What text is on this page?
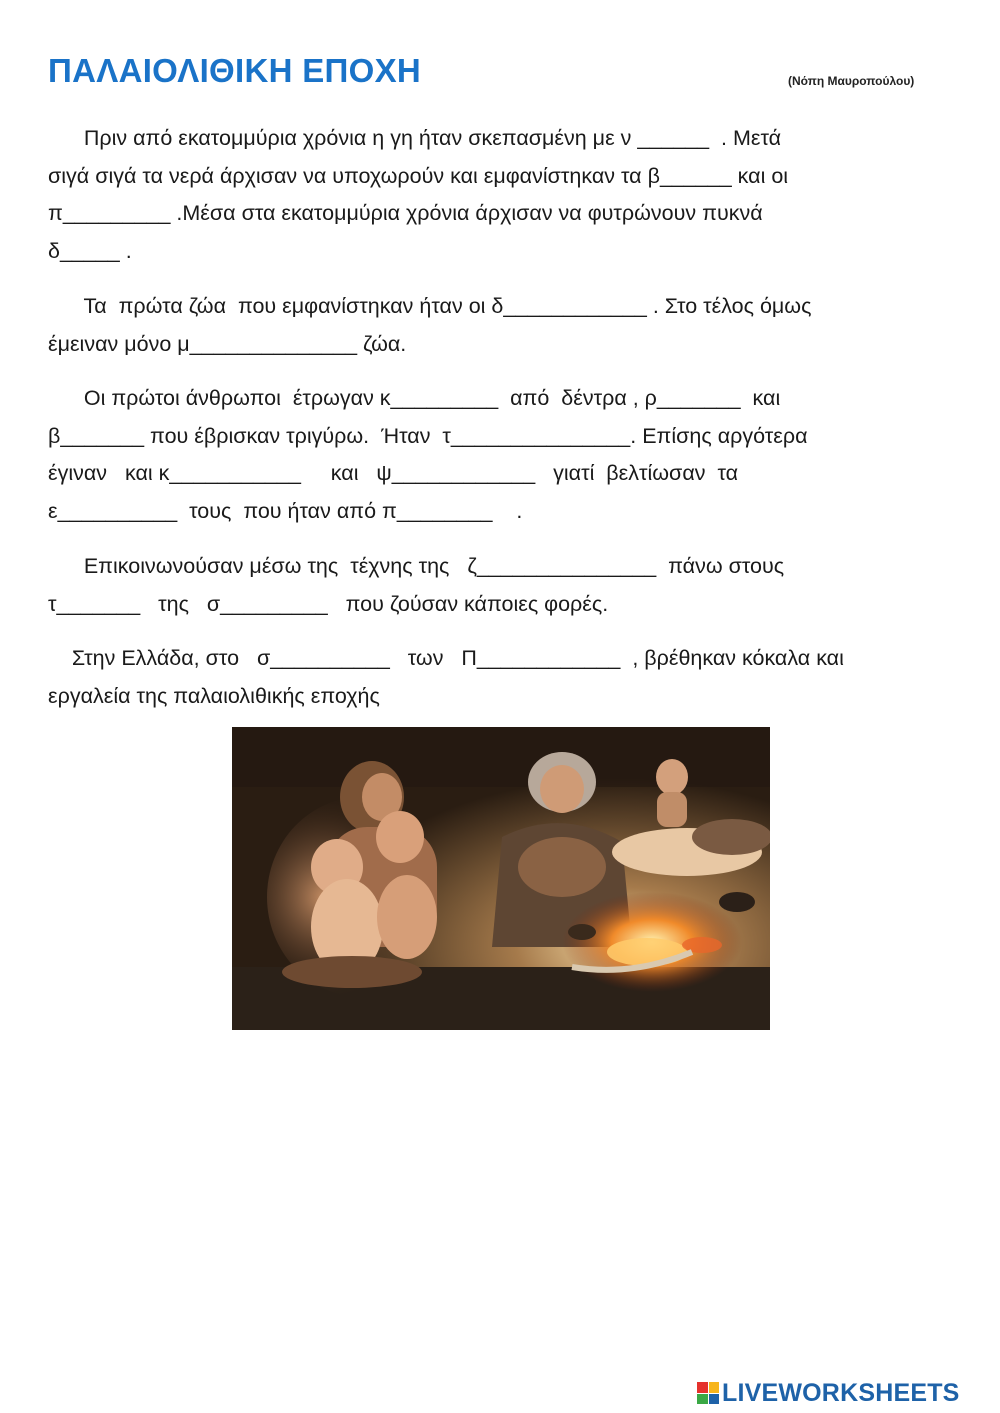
ΠΑΛΑΙΟΛΙΘΙΚΗ ΕΠΟΧΗ	(Νόπη Μαυροπούλου)
Πριν από εκατομμύρια χρόνια η γη ήταν σκεπασμένη με ν ______  . Μετά
σιγά σιγά τα νερά άρχισαν να υποχωρούν και εμφανίστηκαν τα β______ και οι
π_________ .Μέσα στα εκατομμύρια χρόνια άρχισαν να φυτρώνουν πυκνά
δ_____ .
Τα  πρώτα ζώα  που εμφανίστηκαν ήταν οι δ____________ . Στο τέλος όμως
έμειναν μόνο μ______________ ζώα.
Οι πρώτοι άνθρωποι  έτρωγαν κ_________  από  δέντρα , ρ_______  και
β_______ που έβρισκαν τριγύρω.  Ήταν  τ_______________. Επίσης αργότερα
έγιναν   και κ___________     και   ψ____________   γιατί  βελτίωσαν  τα
ε__________  τους  που ήταν από π________    .
Επικοινωνούσαν μέσω της  τέχνης της   ζ_______________  πάνω στους
τ_______   της   σ_________   που ζούσαν κάποιες φορές.
Στην Ελλάδα, στο   σ__________   των   Π____________  , βρέθηκαν κόκαλα και
εργαλεία της παλαιολιθικής εποχής
LIVEWORKSHEETS
